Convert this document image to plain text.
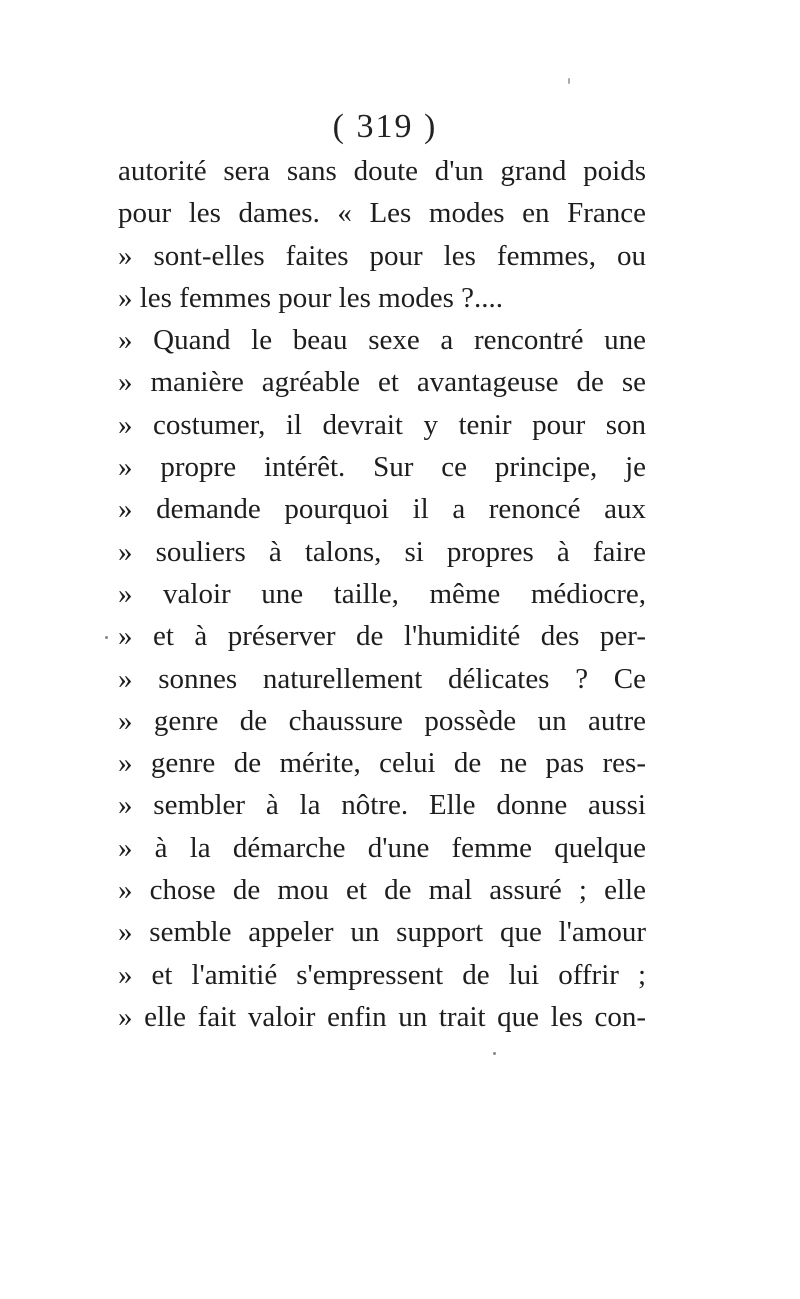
( 319 )
autorité sera sans doute d'un grand poids
pour les dames. « Les modes en France
» sont-elles faites pour les femmes, ou
» les femmes pour les modes ?....
» Quand le beau sexe a rencontré une
» manière agréable et avantageuse de se
» costumer, il devrait y tenir pour son
» propre intérêt. Sur ce principe, je
» demande pourquoi il a renoncé aux
» souliers à talons, si propres à faire
» valoir une taille, même médiocre,
» et à préserver de l'humidité des per-
» sonnes naturellement délicates ? Ce
» genre de chaussure possède un autre
» genre de mérite, celui de ne pas res-
» sembler à la nôtre. Elle donne aussi
» à la démarche d'une femme quelque
» chose de mou et de mal assuré ; elle
» semble appeler un support que l'amour
» et l'amitié s'empressent de lui offrir ;
» elle fait valoir enfin un trait que les con-
